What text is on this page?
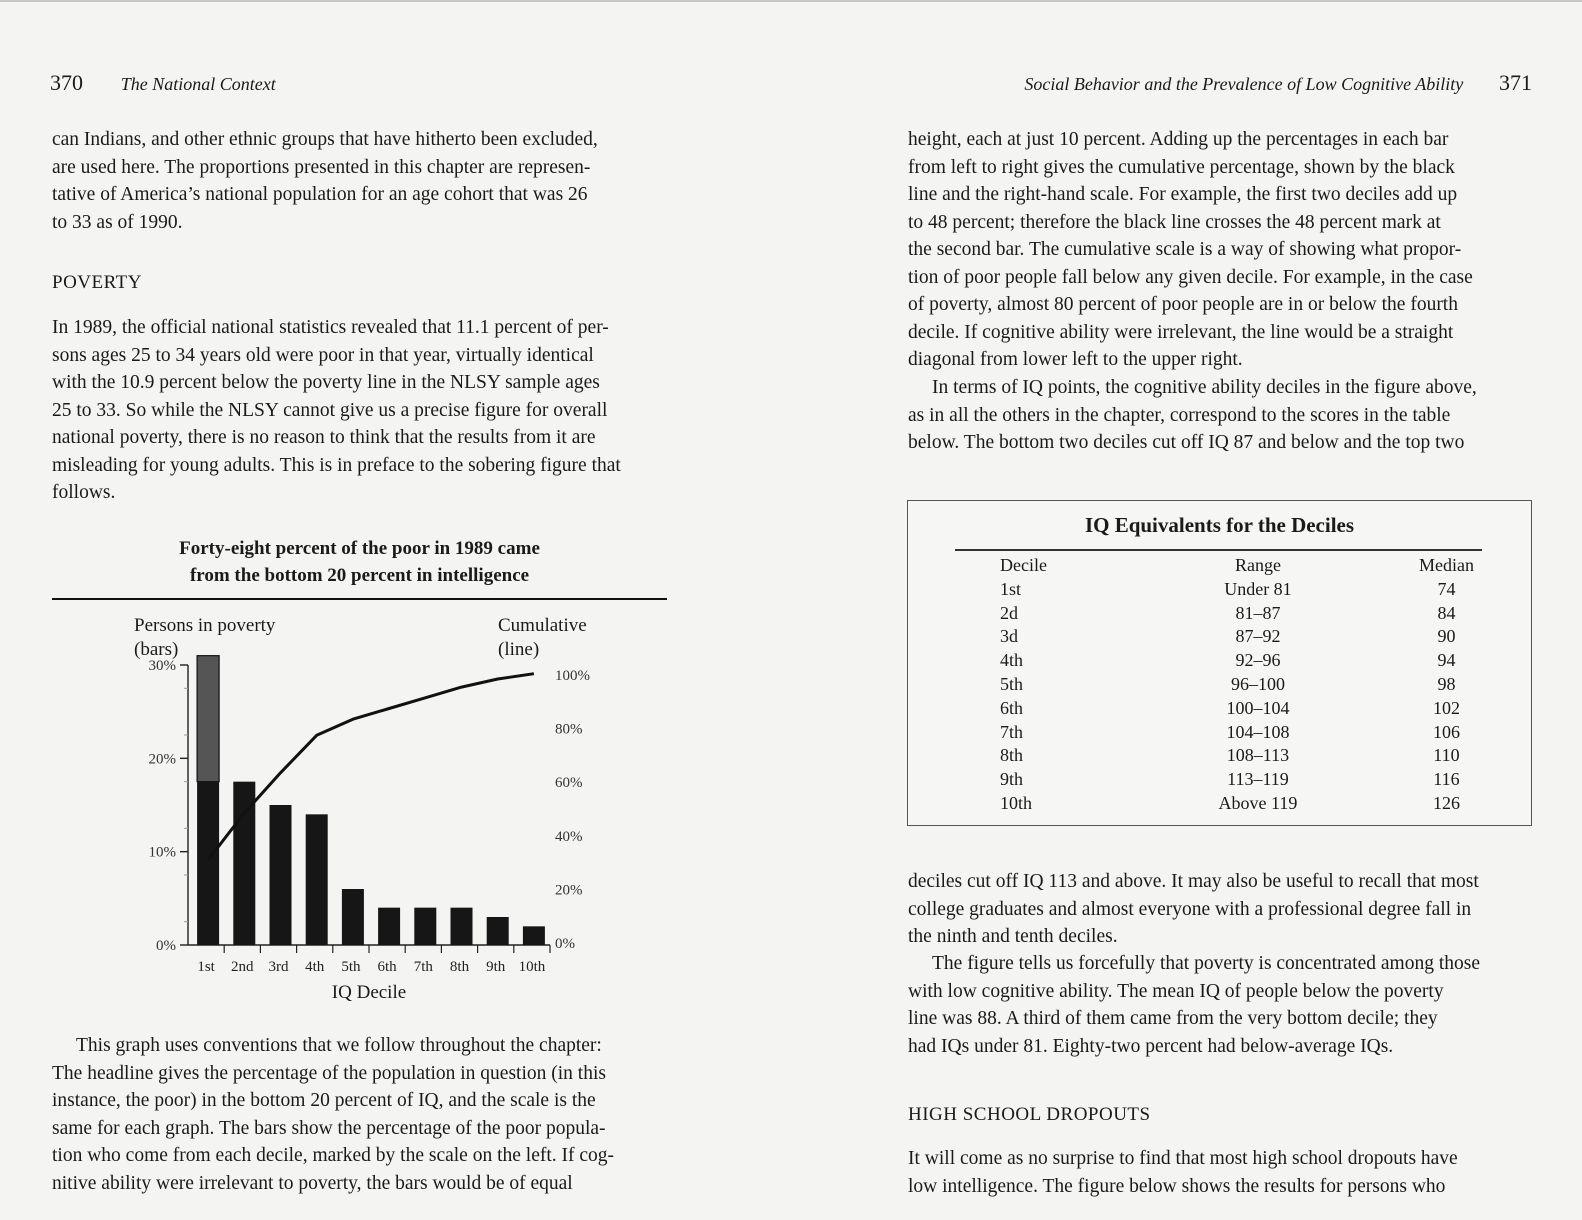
370 The National Context
can Indians, and other ethnic groups that have hitherto been excluded,
are used here. The proportions presented in this chapter are represen-
tative of America’s national population for an age cohort that was 26
to 33 as of 1990.
POVERTY
In 1989, the official national statistics revealed that 11.1 percent of per-
sons ages 25 to 34 years old were poor in that year, virtually identical
with the 10.9 percent below the poverty line in the NLSY sample ages
25 to 33. So while the NLSY cannot give us a precise figure for overall
national poverty, there is no reason to think that the results from it are
misleading for young adults. This is in preface to the sobering figure that
follows.
Forty-eight percent of the poor in 1989 came
from the bottom 20 percent in intelligence
Persons in poverty
(bars)
Cumulative
(line)
0%
10%
20%
30%
1st 2nd 3rd 4th 5th 6th 7th 8th 9th 10th
0%
20%
40%
60%
80%
100%
IQ Decile
This graph uses conventions that we follow throughout the chapter:
The headline gives the percentage of the population in question (in this
instance, the poor) in the bottom 20 percent of IQ, and the scale is the
same for each graph. The bars show the percentage of the poor popula-
tion who come from each decile, marked by the scale on the left. If cog-
nitive ability were irrelevant to poverty, the bars would be of equal
Social Behavior and the Prevalence of Low Cognitive Ability 371
height, each at just 10 percent. Adding up the percentages in each bar
from left to right gives the cumulative percentage, shown by the black
line and the right-hand scale. For example, the first two deciles add up
to 48 percent; therefore the black line crosses the 48 percent mark at
the second bar. The cumulative scale is a way of showing what propor-
tion of poor people fall below any given decile. For example, in the case
of poverty, almost 80 percent of poor people are in or below the fourth
decile. If cognitive ability were irrelevant, the line would be a straight
diagonal from lower left to the upper right.
In terms of IQ points, the cognitive ability deciles in the figure above,
as in all the others in the chapter, correspond to the scores in the table
below. The bottom two deciles cut off IQ 87 and below and the top two
deciles cut off IQ 113 and above. It may also be useful to recall that most
college graduates and almost everyone with a professional degree fall in
the ninth and tenth deciles.
The figure tells us forcefully that poverty is concentrated among those
with low cognitive ability. The mean IQ of people below the poverty
line was 88. A third of them came from the very bottom decile; they
had IQs under 81. Eighty-two percent had below-average IQs.
HIGH SCHOOL DROPOUTS
It will come as no surprise to find that most high school dropouts have
low intelligence. The figure below shows the results for persons who
IQ Equivalents for the Deciles
Decile	Range	Median
1st	Under 81	74
2d	81–87	84
3d	87–92	90
4th	92–96	94
5th	96–100	98
6th	100–104	102
7th	104–108	106
8th	108–113	110
9th	113–119	116
10th	Above 119	126
